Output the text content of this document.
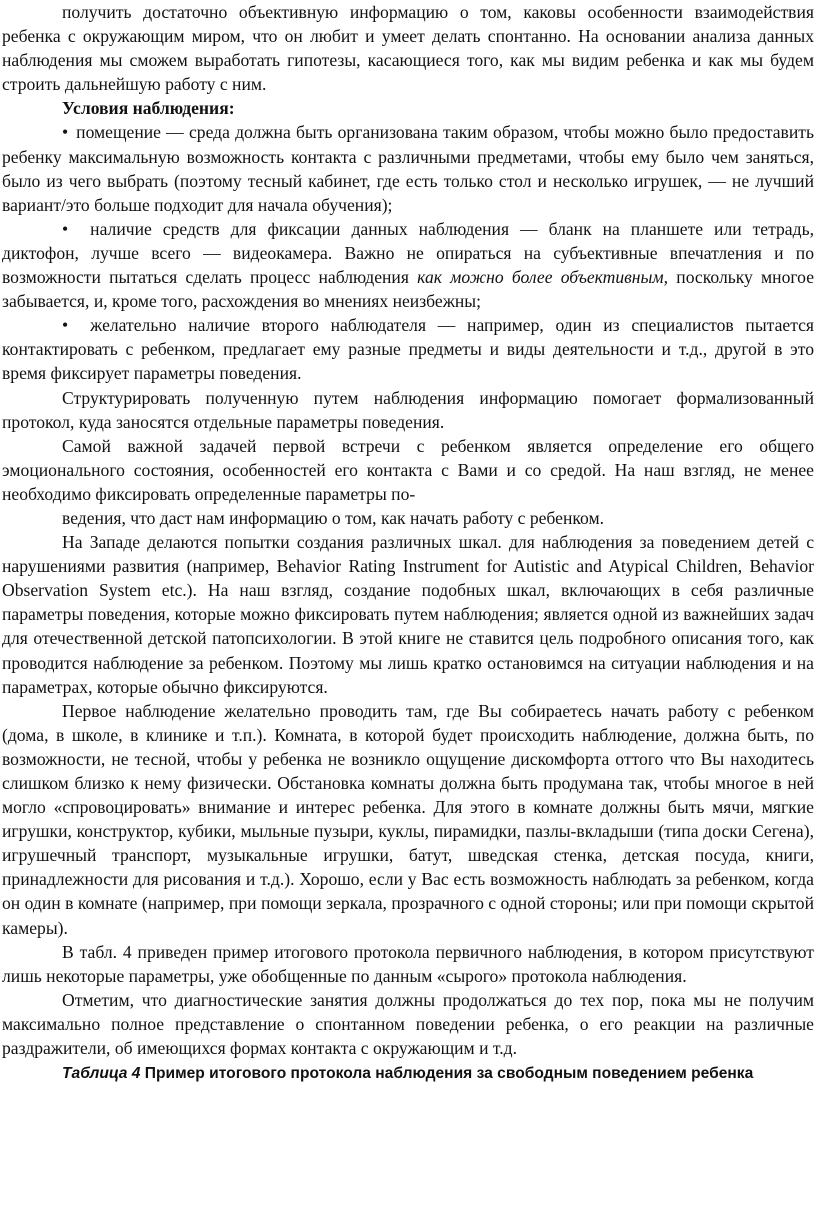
получить достаточно объективную информацию о том, каковы особенности взаимодействия ребенка с окружающим миром, что он любит и умеет делать спонтанно. На основании анализа данных наблюдения мы сможем выработать гипотезы, касающиеся того, как мы видим ребенка и как мы будем строить дальнейшую работу с ним.

Условия наблюдения:

• помещение — среда должна быть организована таким образом, чтобы можно было предоставить ребенку максимальную возможность контакта с различными предметами, чтобы ему было чем заняться, было из чего выбрать (поэтому тесный кабинет, где есть только стол и несколько игрушек, — не лучший вариант/это больше подходит для начала обучения);

• наличие средств для фиксации данных наблюдения — бланк на планшете или тетрадь, диктофон, лучше всего — видеокамера. Важно не опираться на субъективные впечатления и по возможности пытаться сделать процесс наблюдения как можно более объективным, поскольку многое забывается, и, кроме того, расхождения во мнениях неизбежны;

• желательно наличие второго наблюдателя — например, один из специалистов пытается контактировать с ребенком, предлагает ему разные предметы и виды деятельности и т.д., другой в это время фиксирует параметры поведения.

Структурировать полученную путем наблюдения информацию помогает формализованный протокол, куда заносятся отдельные параметры поведения.

Самой важной задачей первой встречи с ребенком является определение его общего эмоционального состояния, особенностей его контакта с Вами и со средой. На наш взгляд, не менее необходимо фиксировать определенные параметры по-

ведения, что даст нам информацию о том, как начать работу с ребенком.

На Западе делаются попытки создания различных шкал. для наблюдения за поведением детей с нарушениями развития (например, Behavior Rating Instrument for Autistic and Atypical Children, Behavior Observation System etc.). На наш взгляд, создание подобных шкал, включающих в себя различные параметры поведения, которые можно фиксировать путем наблюдения; является одной из важнейших задач для отечественной детской патопсихологии. В этой книге не ставится цель подробного описания того, как проводится наблюдение за ребенком. Поэтому мы лишь кратко остановимся на ситуации наблюдения и на параметрах, которые обычно фиксируются.

Первое наблюдение желательно проводить там, где Вы собираетесь начать работу с ребенком (дома, в школе, в клинике и т.п.). Комната, в которой будет происходить наблюдение, должна быть, по возможности, не тесной, чтобы у ребенка не возникло ощущение дискомфорта оттого что Вы находитесь слишком близко к нему физически. Обстановка комнаты должна быть продумана так, чтобы многое в ней могло «спровоцировать» внимание и интерес ребенка. Для этого в комнате должны быть мячи, мягкие игрушки, конструктор, кубики, мыльные пузыри, куклы, пирамидки, пазлы-вкладыши (типа доски Сегена), игрушечный транспорт, музыкальные игрушки, батут, шведская стенка, детская посуда, книги, принадлежности для рисования и т.д.). Хорошо, если у Вас есть возможность наблюдать за ребенком, когда он один в комнате (например, при помощи зеркала, прозрачного с одной стороны; или при помощи скрытой камеры).

В табл. 4 приведен пример итогового протокола первичного наблюдения, в котором присутствуют лишь некоторые параметры, уже обобщенные по данным «сырого» протокола наблюдения.

Отметим, что диагностические занятия должны продолжаться до тех пор, пока мы не получим максимально полное представление о спонтанном поведении ребенка, о его реакции на различные раздражители, об имеющихся формах контакта с окружающим и т.д.

Таблица 4 Пример итогового протокола наблюдения за свободным поведением ребенка
